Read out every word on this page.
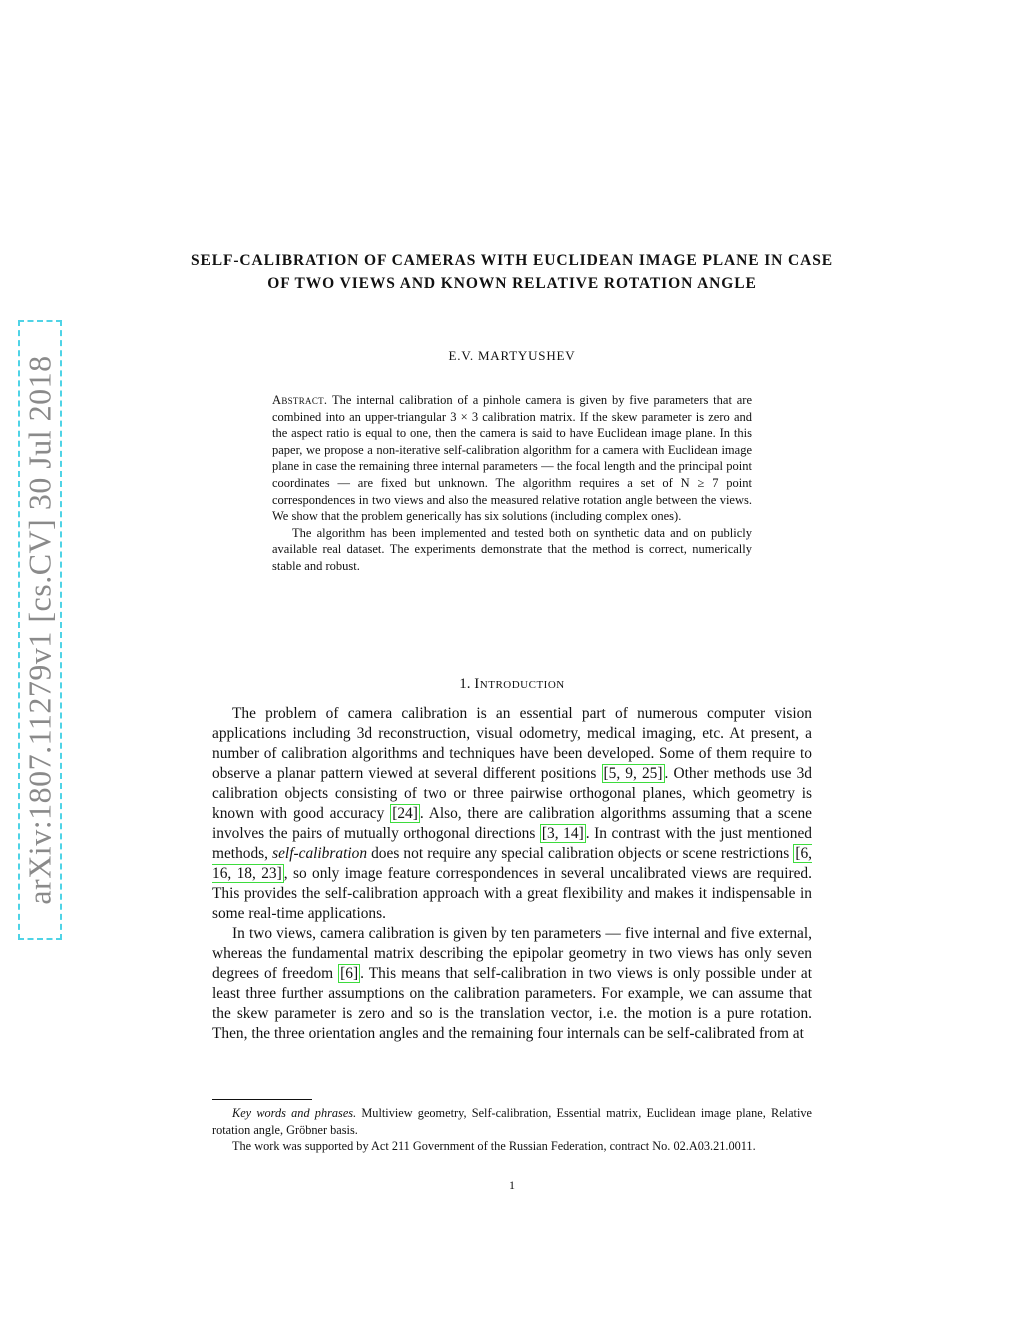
arXiv:1807.11279v1 [cs.CV] 30 Jul 2018
SELF-CALIBRATION OF CAMERAS WITH EUCLIDEAN IMAGE PLANE IN CASE OF TWO VIEWS AND KNOWN RELATIVE ROTATION ANGLE
E.V. MARTYUSHEV

Abstract. The internal calibration of a pinhole camera is given by five parameters that are combined into an upper-triangular 3 × 3 calibration matrix. If the skew parameter is zero and the aspect ratio is equal to one, then the camera is said to have Euclidean image plane. In this paper, we propose a non-iterative self-calibration algorithm for a camera with Euclidean image plane in case the remaining three internal parameters — the focal length and the principal point coordinates — are fixed but unknown. The algorithm requires a set of N ≥ 7 point correspondences in two views and also the measured relative rotation angle between the views. We show that the problem generically has six solutions (including complex ones).

The algorithm has been implemented and tested both on synthetic data and on publicly available real dataset. The experiments demonstrate that the method is correct, numerically stable and robust.

1. Introduction

The problem of camera calibration is an essential part of numerous computer vision applications including 3d reconstruction, visual odometry, medical imaging, etc. At present, a number of calibration algorithms and techniques have been developed. Some of them require to observe a planar pattern viewed at several different positions [5, 9, 25] . Other methods use 3d calibration objects consisting of two or three pairwise orthogonal planes, which geometry is known with good accuracy [24] . Also, there are calibration algorithms assuming that a scene involves the pairs of mutually orthogonal directions [3, 14] . In contrast with the just mentioned methods, self-calibration does not require any special calibration objects or scene restrictions [6, 16, 18, 23] , so only image feature correspondences in several uncalibrated views are required. This provides the self-calibration approach with a great flexibility and makes it indispensable in some real-time applications.

In two views, camera calibration is given by ten parameters — five internal and five external, whereas the fundamental matrix describing the epipolar geometry in two views has only seven degrees of freedom [6] . This means that self-calibration in two views is only possible under at least three further assumptions on the calibration parameters. For example, we can assume that the skew parameter is zero and so is the translation vector, i.e. the motion is a pure rotation. Then, the three orientation angles and the remaining four internals can be self-calibrated from at

Key words and phrases. Multiview geometry, Self-calibration, Essential matrix, Euclidean image plane, Relative rotation angle, Gröbner basis.

The work was supported by Act 211 Government of the Russian Federation, contract No. 02.A03.21.0011.

1
